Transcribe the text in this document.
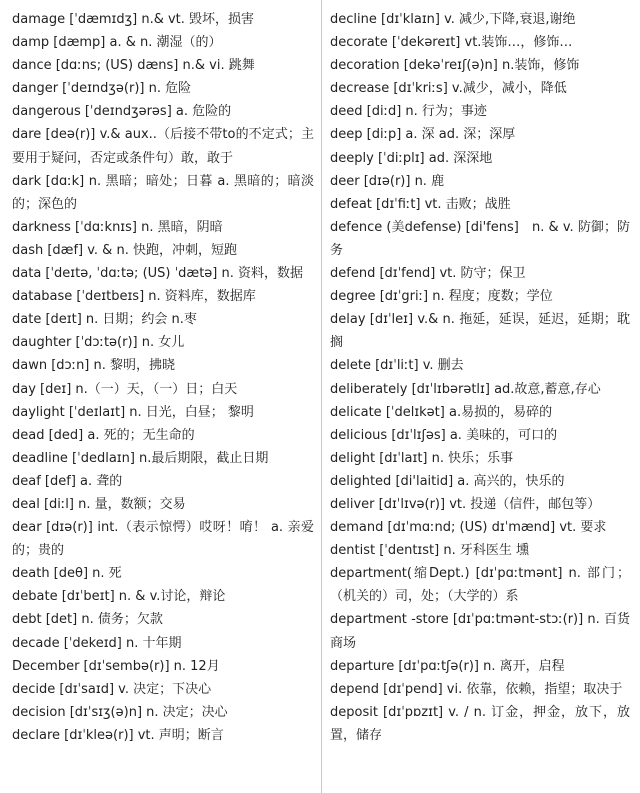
damage [ˈdæmɪdʒ] n.& vt. 毁坏，损害
damp [dæmp] a. & n. 潮湿（的）
dance [dɑːns; (US) dæns] n.& vi. 跳舞
danger [ˈdeɪndʒə(r)] n. 危险
dangerous [ˈdeɪndʒərəs] a. 危险的
dare [deə(r)] v.& aux..（后接不带to的不定式；主要用于疑问，否定或条件句）敢，敢于
dark [dɑːk] n. 黑暗；暗处；日暮 a. 黑暗的；暗淡的；深色的
darkness [ˈdɑːknɪs] n. 黑暗，阴暗
dash [dæf] v. & n. 快跑，冲刺，短跑
data [ˈdeɪtə, ˈdɑːtə; (US) ˈdætə] n. 资料，数据
database [ˈdeɪtbeɪs] n. 资料库，数据库
date [deɪt] n. 日期；约会 n.枣
daughter [ˈdɔːtə(r)] n. 女儿
dawn [dɔːn] n. 黎明，拂晓
day [deɪ] n.（一）天，（一）日；白天
daylight [ˈdeɪlaɪt] n. 日光，白昼； 黎明
dead [ded] a. 死的；无生命的
deadline [ˈdedlaɪn] n.最后期限，截止日期
deaf [def] a. 聋的
deal [diːl] n. 量，数额；交易
dear [dɪə(r)] int.（表示惊愕）哎呀！唷！ a. 亲爱的；贵的
death [deθ] n. 死
debate [dɪˈbeɪt] n. & v.讨论，辩论
debt [det] n. 债务；欠款
decade [ˈdekeɪd] n. 十年期
December [dɪˈsembə(r)] n. 12月
decide [dɪˈsaɪd] v. 决定；下决心
decision [dɪˈsɪʒ(ə)n] n. 决定；决心
declare [dɪˈkleə(r)] vt. 声明；断言
decline [dɪˈklaɪn] v. 减少,下降,衰退,谢绝
decorate [ˈdekəreɪt] vt.装饰…，修饰…
decoration [dekəˈreɪʃ(ə)n] n.装饰，修饰
decrease [dɪˈkriːs] v.减少，减小，降低
deed [diːd] n. 行为；事迹
deep [diːp] a. 深 ad. 深；深厚
deeply [ˈdiːplɪ] ad. 深深地
deer [dɪə(r)] n. 鹿
defeat [dɪˈfiːt] vt. 击败；战胜
defence (美defense) [di'fens]　n. & v. 防御；防务
defend [dɪˈfend] vt. 防守；保卫
degree [dɪˈgriː] n. 程度；度数；学位
delay [dɪˈleɪ] v.& n. 拖延，延误，延迟，延期；耽搁
delete [dɪˈliːt] v. 删去
deliberately [dɪˈlɪbərətlɪ] ad.故意,蓄意,存心
delicate [ˈdelɪkət] a.易损的，易碎的
delicious [dɪˈlɪʃəs] a. 美味的，可口的
delight [dɪˈlaɪt] n. 快乐；乐事
delighted [di'laitid] a. 高兴的，快乐的
deliver [dɪˈlɪvə(r)] vt. 投递（信件，邮包等）
demand [dɪˈmɑːnd; (US) dɪˈmænd] vt. 要求
dentist [ˈdentɪst] n. 牙科医生 壎
department(缩Dept.) [dɪˈpɑːtmənt] n. 部门；（机关的）司，处；（大学的）系
department -store [dɪˈpɑːtmənt-stɔː(r)] n. 百货商场
departure [dɪˈpɑːtʃə(r)] n. 离开，启程
depend [dɪˈpend] vi. 依靠，依赖，指望；取决于
deposit [dɪˈpɒzɪt] v. / n. 订金，押金，放下，放置，储存
